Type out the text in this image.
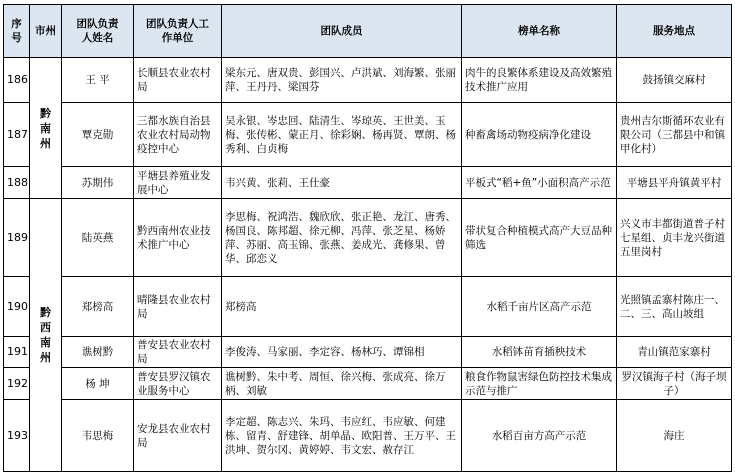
序号	市州	团队负责人姓名	团队负责人工作单位	团队成员	榜单名称	服务地点
186	黔南州	王 平	长顺县农业农村局	梁东元、唐双贵、彭国兴、卢洪斌、刘海繁、张丽萍、王丹丹、梁国芬	肉牛的良繁体系建设及高效繁殖技术推广应用	鼓扬镇交麻村
187		覃克勋	三都水族自治县农业农村局动物疫控中心	吴永银、岑忠回、陆清生、岑琼英、王世美、玉梅、张传彬、蒙正月、徐彩娴、杨再贤、覃朗、杨秀利、白贞梅	种畜禽场动物疫病净化建设	贵州吉尔斯循环农业有限公司（三都县中和镇甲化村）
188		苏期伟	平塘县养殖业发展中心	韦兴黄、张莉、王仕豪	平板式“稻+鱼”小面积高产示范	平塘县平舟镇黄平村
189	黔西南州	陆英燕	黔西南州农业技术推广中心	李思梅、祝鸿浩、魏欣欣、张正艳、龙江、唐秀、杨国良、陈邦超、徐元柳、冯萍、张芝星、杨娇萍、苏丽、高玉锦、张燕、姜成光、龚修果、曾华、邱恋义	带状复合种植模式高产大豆品种筛选	兴义市丰都街道普子村七星组、贞丰龙兴街道五里岗村
190		郑榜高	晴隆县农业农村局	郑榜高	水稻千亩片区高产示范	光照镇孟寨村陈庄一、二、三、高山坡组
191		谯树黔	普安县农业农村局	李俊涛、马家丽、李定容、杨林巧、谭锦相	水稻钵苗育插秧技术	青山镇范家寨村
192		杨 坤	普安县罗汉镇农业服务中心	谯树黔、朱中考、周恒、徐兴梅、张成亮、徐万柄、刘敏	粮食作物鼠害绿色防控技术集成示范与推广	罗汉镇海子村（海子坝子）
193		韦思梅	安龙县农业农村局	李定超、陈志兴、朱玛、韦应红、韦应敏、何建栋、留青、舒建锋、胡单晶、欧阳普、王万平、王洪坤、贺尔冈、黄婷婷、韦文宏、赦存江	水稻百亩方高产示范	海庄
